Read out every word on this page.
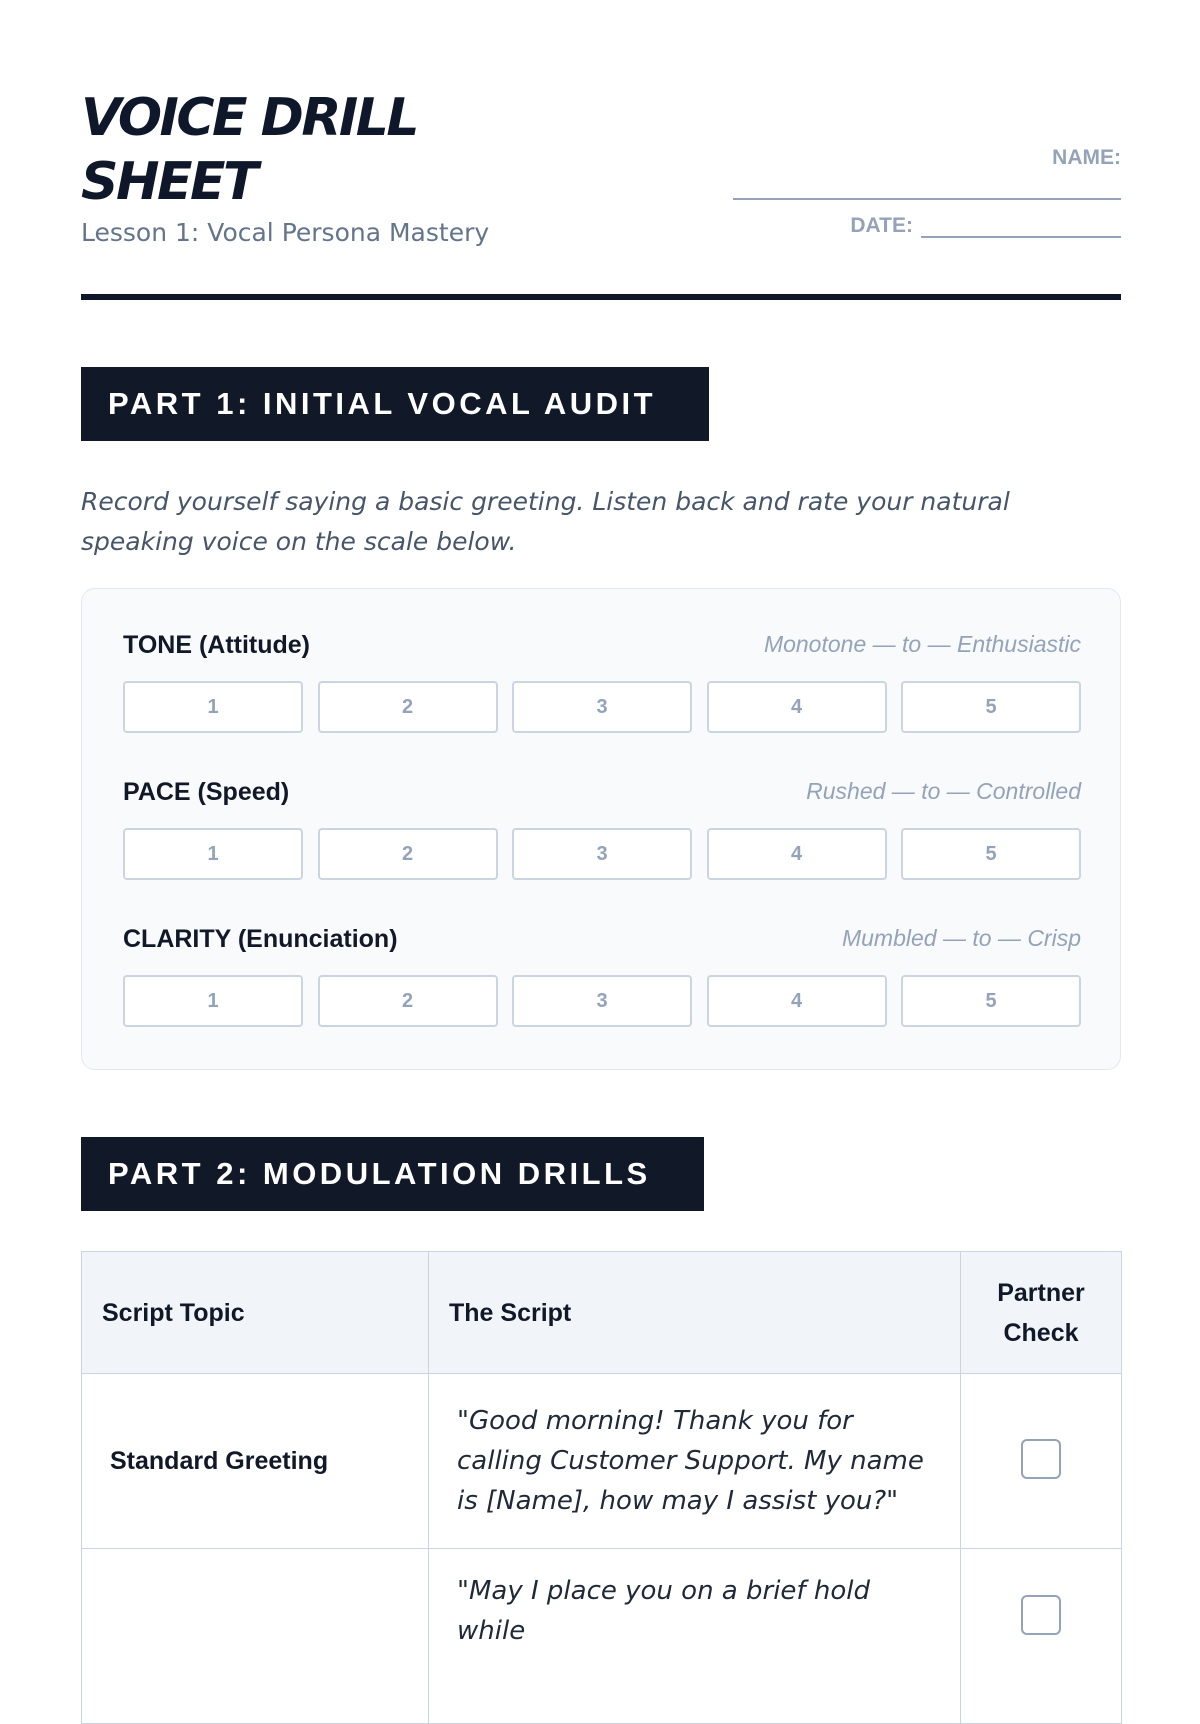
VOICE DRILL SHEET
Lesson 1: Vocal Persona Mastery
NAME:
DATE:
PART 1: INITIAL VOCAL AUDIT

Record yourself saying a basic greeting. Listen back and rate your natural speaking voice on the scale below.

TONE (Attitude)	Monotone — to — Enthusiastic
1	2	3	4	5
PACE (Speed)	Rushed — to — Controlled
1	2	3	4	5
CLARITY (Enunciation)	Mumbled — to — Crisp
1	2	3	4	5
PART 2: MODULATION DRILLS
Script Topic	The Script	Partner Check
Standard Greeting	"Good morning! Thank you for calling Customer Support. My name is [Name], how may I assist you?"	
	"May I place you on a brief hold while	
